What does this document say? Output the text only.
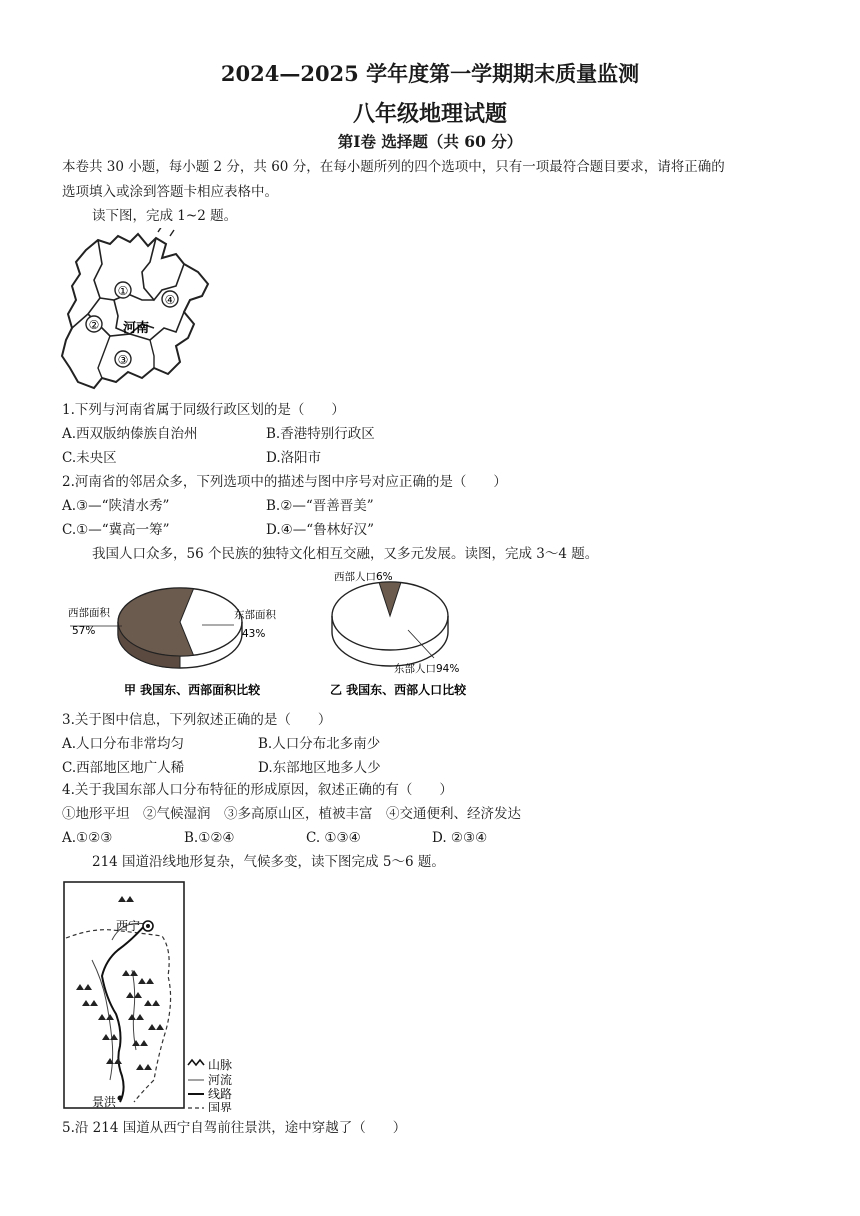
2024—2025 学年度第一学期期末质量监测
八年级地理试题
第Ⅰ卷 选择题（共 60 分）
本卷共 30 小题，每小题 2 分，共 60 分，在每小题所列的四个选项中，只有一项最符合题目要求，请将正确的
选项填入或涂到答题卡相应表格中。
读下图，完成 1~2 题。
①
②
③
④
河南
1.下列与河南省属于同级行政区划的是（　　）
A.西双版纳傣族自治州	B.香港特别行政区
C.未央区	D.洛阳市
2.河南省的邻居众多，下列选项中的描述与图中序号对应正确的是（　　）
A.③—“陕清水秀”	B.②—“晋善晋美”
C.①—“冀高一筹”	D.④—“鲁林好汉”
我国人口众多，56 个民族的独特文化相互交融，又多元发展。读图，完成 3～4 题。
西部面积
57%
东部面积
43%
甲 我国东、西部面积比较
西部人口6%
东部人口94%
乙 我国东、西部人口比较
3.关于图中信息，下列叙述正确的是（　　）
A.人口分布非常均匀	B.人口分布北多南少
C.西部地区地广人稀	D.东部地区地多人少
4.关于我国东部人口分布特征的形成原因，叙述正确的有（　　）
①地形平坦　②气候湿润　③多高原山区，植被丰富　④交通便利、经济发达
A.①②③	B.①②④	C. ①③④	D. ②③④
214 国道沿线地形复杂，气候多变，读下图完成 5～6 题。
西宁
景洪
山脉
河流
线路
国界
5.沿 214 国道从西宁自驾前往景洪，途中穿越了（　　）
